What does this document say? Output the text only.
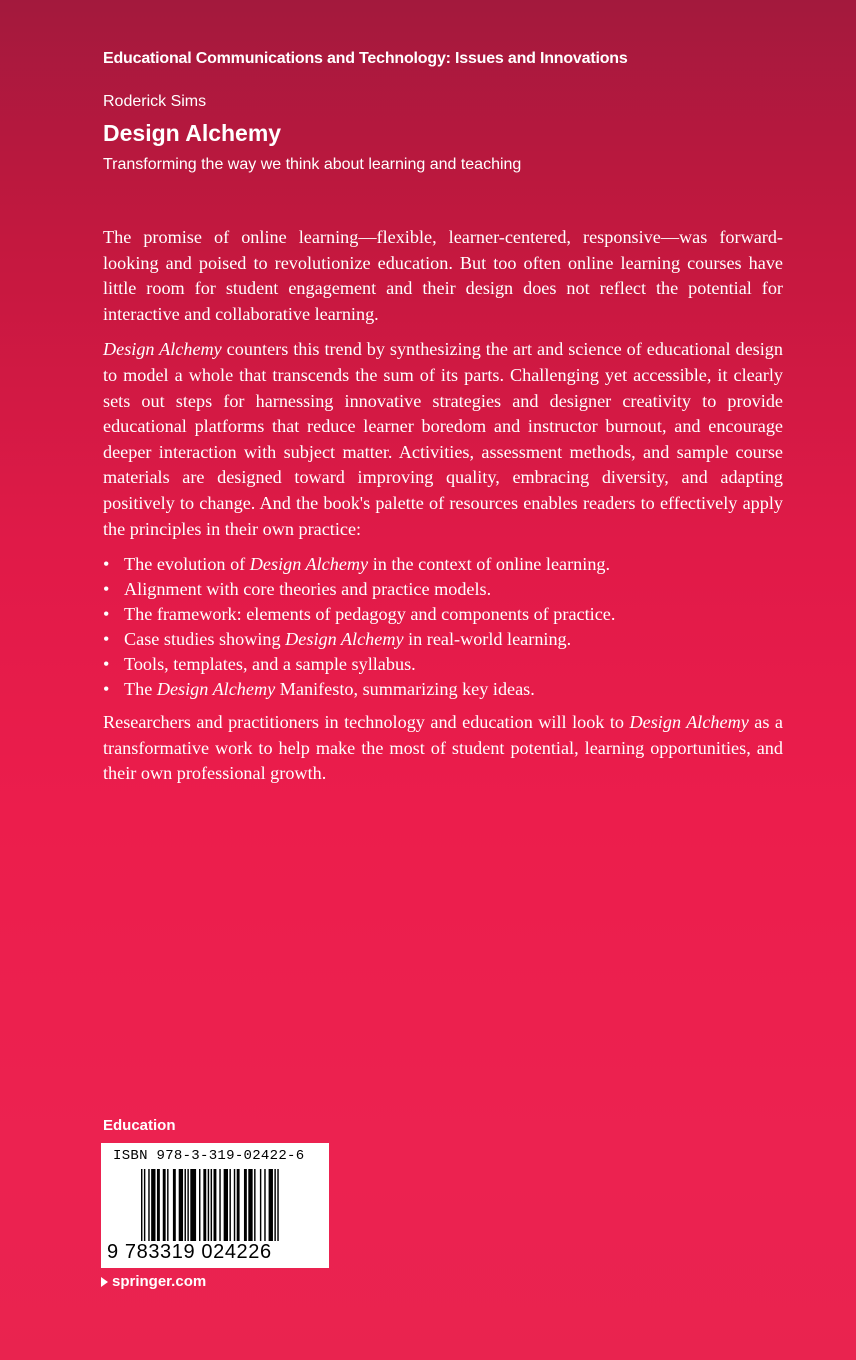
Educational Communications and Technology: Issues and Innovations
Roderick Sims
Design Alchemy
Transforming the way we think about learning and teaching

The promise of online learning—flexible, learner-centered, responsive—was forward-looking and poised to revolutionize education. But too often online learning courses have little room for student engagement and their design does not reflect the potential for interactive and collaborative learning.

Design Alchemy counters this trend by synthesizing the art and science of educational design to model a whole that transcends the sum of its parts. Challenging yet accessible, it clearly sets out steps for harnessing innovative strategies and designer creativity to provide educational platforms that reduce learner boredom and instructor burnout, and encourage deeper interaction with subject matter. Activities, assessment methods, and sample course materials are designed toward improving quality, embracing diversity, and adapting positively to change. And the book's palette of resources enables readers to effectively apply the principles in their own practice:

• The evolution of Design Alchemy in the context of online learning.
• Alignment with core theories and practice models.
• The framework: elements of pedagogy and components of practice.
• Case studies showing Design Alchemy in real-world learning.
• Tools, templates, and a sample syllabus.
• The Design Alchemy Manifesto, summarizing key ideas.

Researchers and practitioners in technology and education will look to Design Alchemy as a transformative work to help make the most of student potential, learning opportunities, and their own professional growth.

Education
ISBN 978-3-319-02422-6
9 783319 024226
springer.com
